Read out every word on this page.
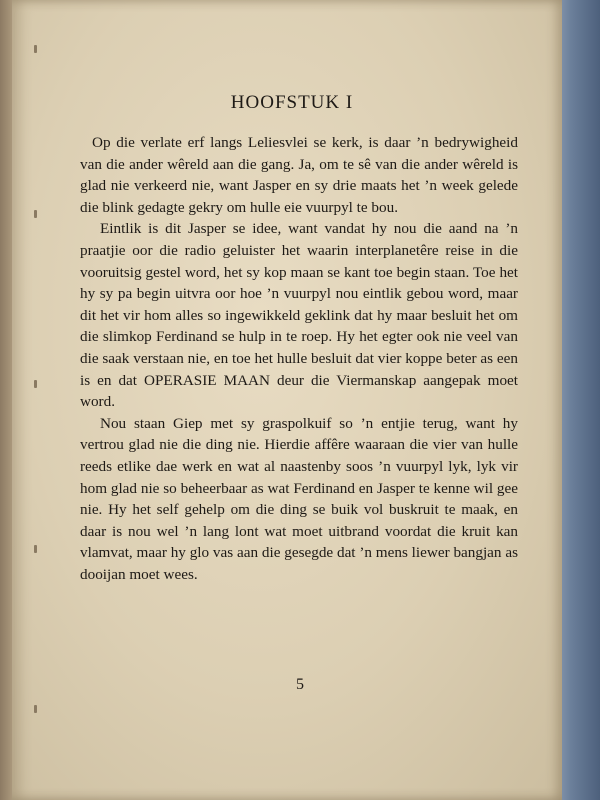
HOOFSTUK I

Op die verlate erf langs Leliesvlei se kerk, is daar ’n bedrywigheid van die ander wêreld aan die gang. Ja, om te sê van die ander wêreld is glad nie verkeerd nie, want Jasper en sy drie maats het ’n week gelede die blink gedagte gekry om hulle eie vuurpyl te bou.

Eintlik is dit Jasper se idee, want vandat hy nou die aand na ’n praatjie oor die radio geluister het waarin interplanetêre reise in die vooruitsig gestel word, het sy kop maan se kant toe begin staan. Toe het hy sy pa begin uitvra oor hoe ’n vuurpyl nou eintlik gebou word, maar dit het vir hom alles so ingewikkeld geklink dat hy maar besluit het om die slimkop Ferdinand se hulp in te roep. Hy het egter ook nie veel van die saak verstaan nie, en toe het hulle besluit dat vier koppe beter as een is en dat OPERASIE MAAN deur die Viermanskap aangepak moet word.

Nou staan Giep met sy graspolkuif so ’n entjie terug, want hy vertrou glad nie die ding nie. Hierdie affêre waaraan die vier van hulle reeds etlike dae werk en wat al naastenby soos ’n vuurpyl lyk, lyk vir hom glad nie so beheerbaar as wat Ferdinand en Jasper te kenne wil gee nie. Hy het self gehelp om die ding se buik vol buskruit te maak, en daar is nou wel ’n lang lont wat moet uitbrand voordat die kruit kan vlamvat, maar hy glo vas aan die gesegde dat ’n mens liewer bangjan as dooijan moet wees.

5
